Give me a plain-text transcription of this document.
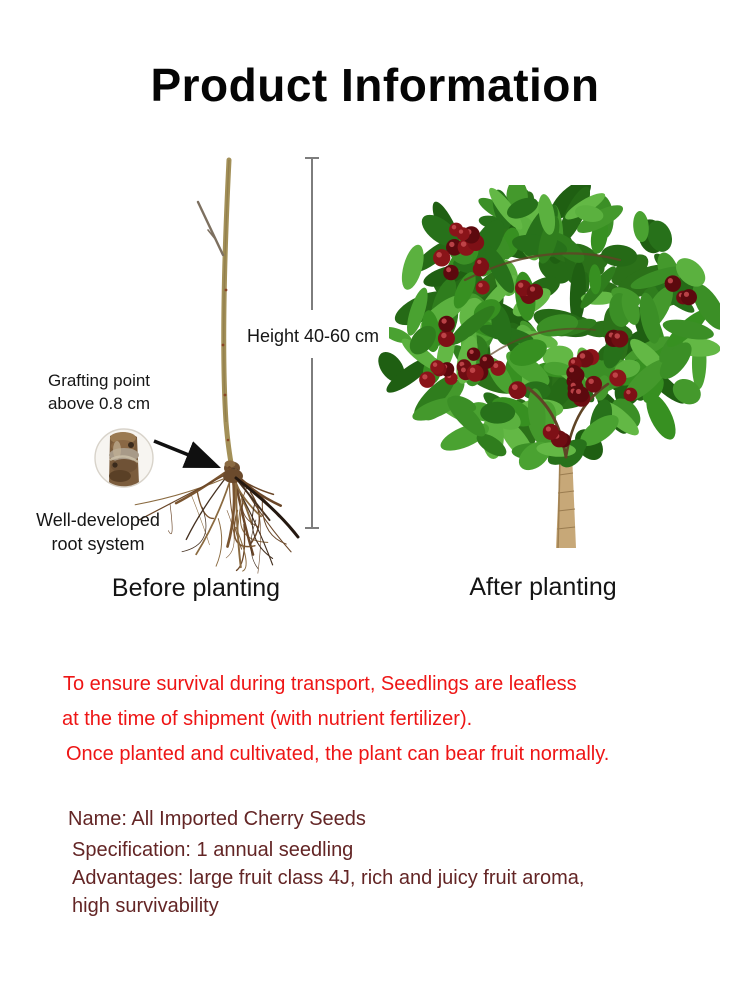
Product Information
Grafting point
above 0.8 cm
Height 40-60 cm
Well-developed
root system
Before planting	After planting
To ensure survival during transport, Seedlings are leafless
at the time of shipment (with nutrient fertilizer).
Once planted and cultivated, the plant can bear fruit normally.
Name: All Imported Cherry Seeds
Specification: 1 annual seedling
Advantages: large fruit class 4J, rich and juicy fruit aroma,
high survivability
